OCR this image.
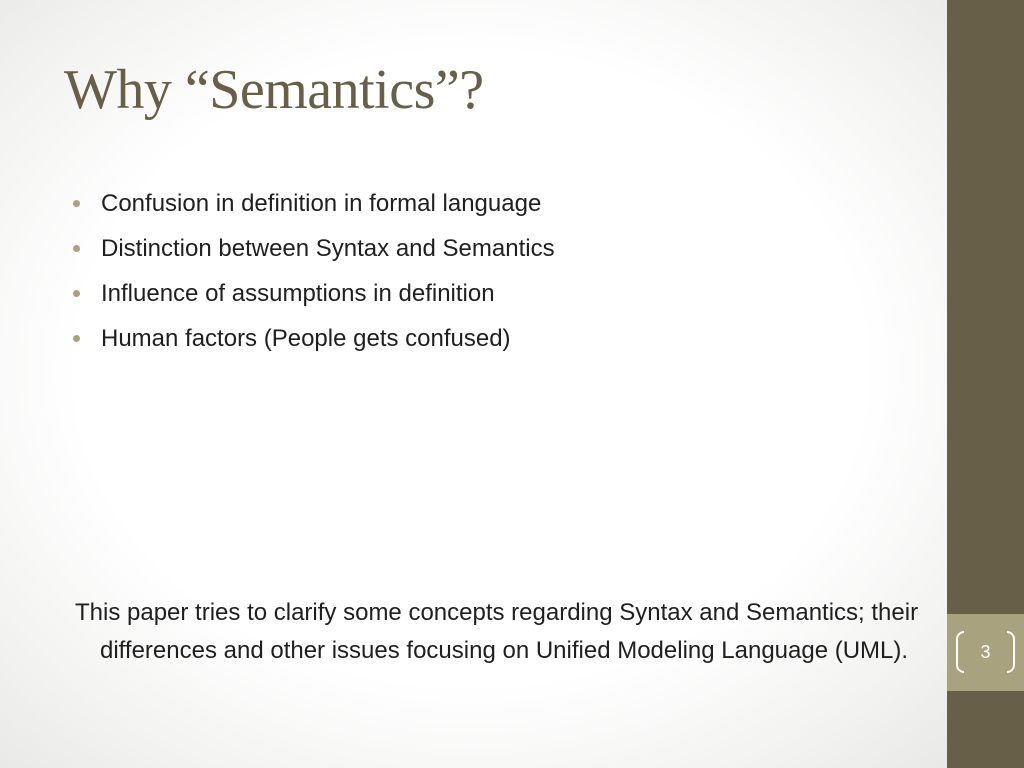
Why “Semantics”?
Confusion in definition in formal language
Distinction between Syntax and Semantics
Influence of assumptions in definition
Human factors (People gets confused)

This paper tries to clarify some concepts regarding Syntax and Semantics; their differences and other issues focusing on Unified Modeling Language (UML).	3
